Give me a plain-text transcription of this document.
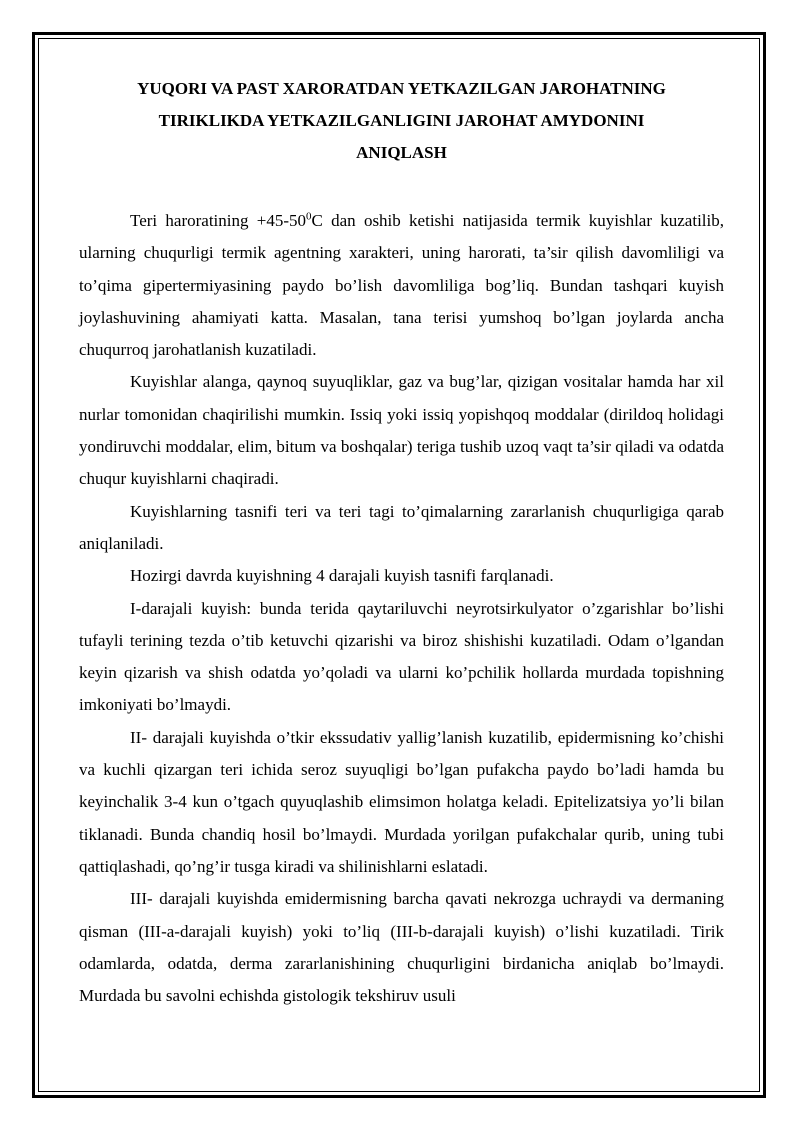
YUQORI VA PAST XARORATDAN YETKAZILGAN JAROHATNING
TIRIKLIKDA YETKAZILGANLIGINI JAROHAT AMYDONINI
ANIQLASH

Teri haroratining $+45-50^0C$ dan oshib ketishi natijasida termik kuyishlar kuzatilib, ularning chuqurligi termik agentning xarakteri, uning harorati, ta’sir qilish davomliligi va to’qima gipertermiyasining paydo bo’lish davomliliga bog’liq. Bundan tashqari kuyish joylashuvining ahamiyati katta. Masalan, tana terisi yumshoq bo’lgan joylarda ancha chuqurroq jarohatlanish kuzatiladi.

Kuyishlar alanga, qaynoq suyuqliklar, gaz va bug’lar, qizigan vositalar hamda har xil nurlar tomonidan chaqirilishi mumkin. Issiq yoki issiq yopishqoq moddalar (dirildoq holidagi yondiruvchi moddalar, elim, bitum va boshqalar) teriga tushib uzoq vaqt ta’sir qiladi va odatda chuqur kuyishlarni chaqiradi.

Kuyishlarning tasnifi teri va teri tagi to’qimalarning zararlanish chuqurligiga qarab aniqlaniladi.

Hozirgi davrda kuyishning 4 darajali kuyish tasnifi farqlanadi.

I-darajali kuyish: bunda terida qaytariluvchi neyrotsirkulyator o’zgarishlar bo’lishi tufayli terining tezda o’tib ketuvchi qizarishi va biroz shishishi kuzatiladi. Odam o’lgandan keyin qizarish va shish odatda yo’qoladi va ularni ko’pchilik hollarda murdada topishning imkoniyati bo’lmaydi.

II- darajali kuyishda o’tkir ekssudativ yallig’lanish kuzatilib, epidermisning ko’chishi va kuchli qizargan teri ichida seroz suyuqligi bo’lgan pufakcha paydo bo’ladi hamda bu keyinchalik 3-4 kun o’tgach quyuqlashib elimsimon holatga keladi. Epitelizatsiya yo’li bilan tiklanadi. Bunda chandiq hosil bo’lmaydi. Murdada yorilgan pufakchalar qurib, uning tubi qattiqlashadi, qo’ng’ir tusga kiradi va shilinishlarni eslatadi.

III- darajali kuyishda emidermisning barcha qavati nekrozga uchraydi va dermaning qisman (III-a-darajali kuyish) yoki to’liq (III-b-darajali kuyish) o’lishi kuzatiladi. Tirik odamlarda, odatda, derma zararlanishining chuqurligini birdanicha aniqlab bo’lmaydi. Murdada bu savolni echishda gistologik tekshiruv usuli
